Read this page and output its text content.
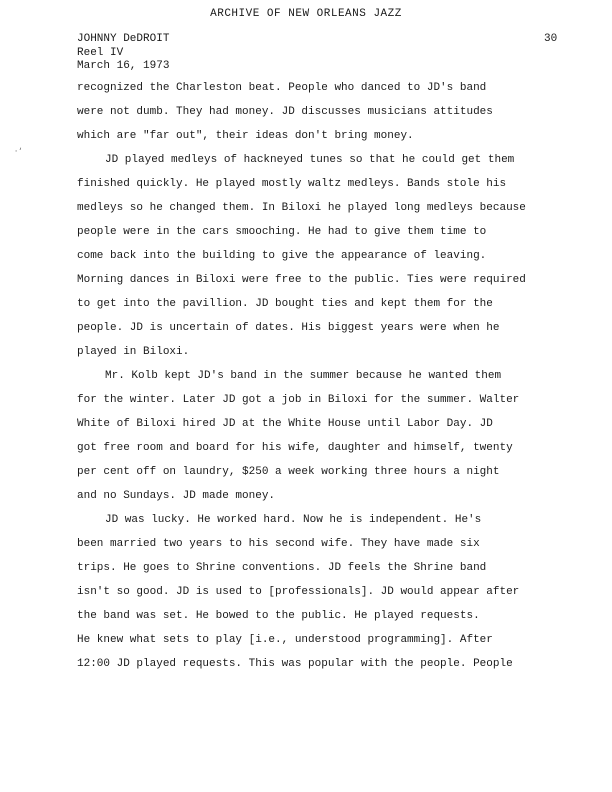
ARCHIVE OF NEW ORLEANS JAZZ
JOHNNY DeDROIT
Reel IV
March 16, 1973
30
·‘
recognized the Charleston beat. People who danced to JD's band
were not dumb. They had money. JD discusses musicians attitudes
which are "far out", their ideas don't bring money.
JD played medleys of hackneyed tunes so that he could get them
finished quickly. He played mostly waltz medleys. Bands stole his
medleys so he changed them. In Biloxi he played long medleys because
people were in the cars smooching. He had to give them time to
come back into the building to give the appearance of leaving.
Morning dances in Biloxi were free to the public. Ties were required
to get into the pavillion. JD bought ties and kept them for the
people. JD is uncertain of dates. His biggest years were when he
played in Biloxi.
Mr. Kolb kept JD's band in the summer because he wanted them
for the winter. Later JD got a job in Biloxi for the summer. Walter
White of Biloxi hired JD at the White House until Labor Day. JD
got free room and board for his wife, daughter and himself, twenty
per cent off on laundry, $250 a week working three hours a night
and no Sundays. JD made money.
JD was lucky. He worked hard. Now he is independent. He's
been married two years to his second wife. They have made six
trips. He goes to Shrine conventions. JD feels the Shrine band
isn't so good. JD is used to [professionals]. JD would appear after
the band was set. He bowed to the public. He played requests.
He knew what sets to play [i.e., understood programming]. After
12:00 JD played requests. This was popular with the people. People
